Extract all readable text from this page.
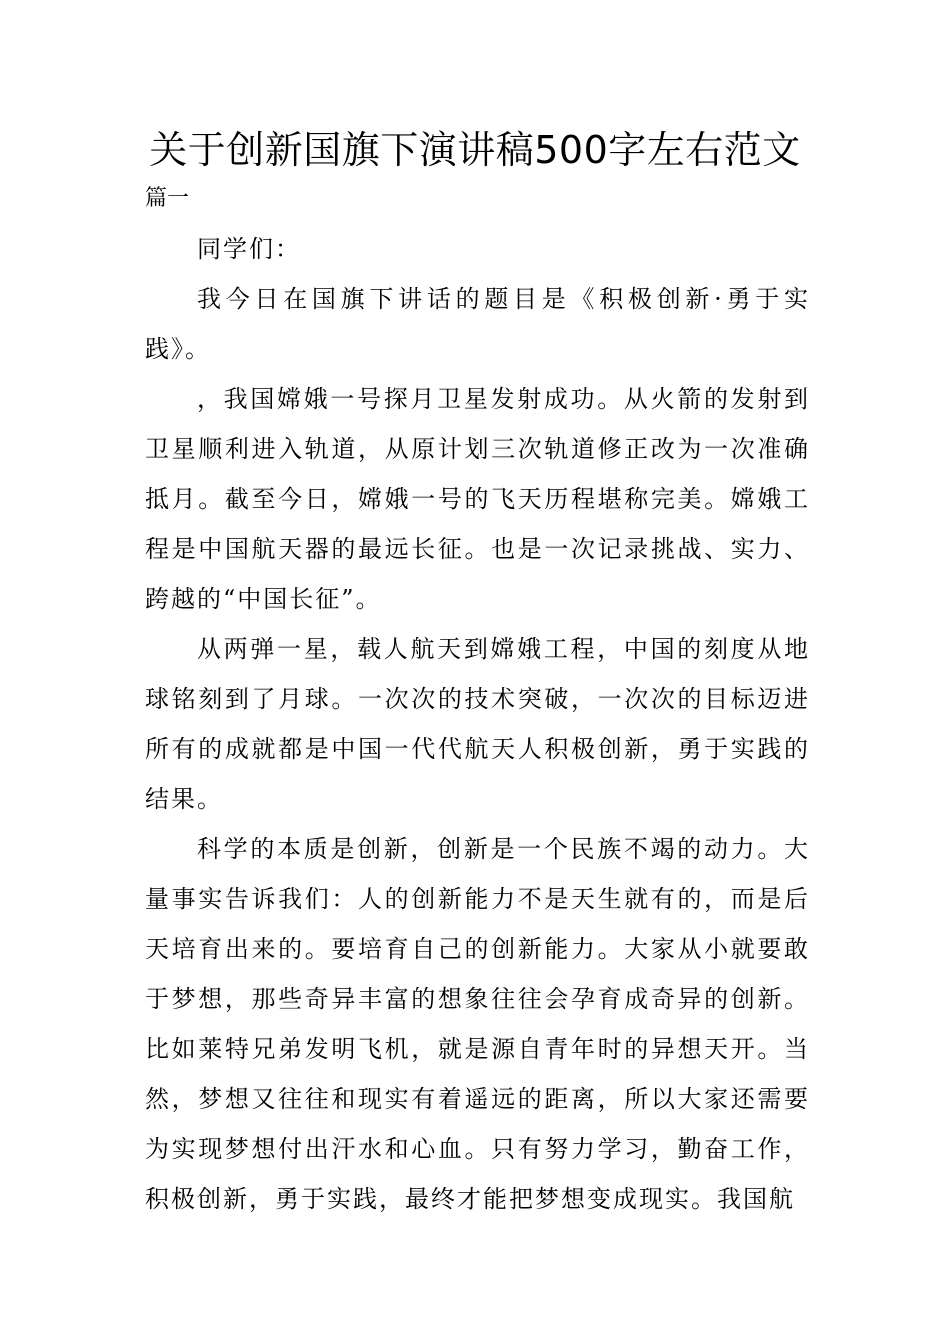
关于创新国旗下演讲稿500字左右范文

篇一

同学们：

我今日在国旗下讲话的题目是《积极创新·勇于实践》。

，我国嫦娥一号探月卫星发射成功。从火箭的发射到卫星顺利进入轨道，从原计划三次轨道修正改为一次准确抵月。截至今日，嫦娥一号的飞天历程堪称完美。嫦娥工程是中国航天器的最远长征。也是一次记录挑战、实力、跨越的“中国长征”。

从两弹一星，载人航天到嫦娥工程，中国的刻度从地球铭刻到了月球。一次次的技术突破，一次次的目标迈进所有的成就都是中国一代代航天人积极创新，勇于实践的结果。

科学的本质是创新，创新是一个民族不竭的动力。大量事实告诉我们：人的创新能力不是天生就有的，而是后天培育出来的。要培育自己的创新能力。大家从小就要敢于梦想，那些奇异丰富的想象往往会孕育成奇异的创新。比如莱特兄弟发明飞机，就是源自青年时的异想天开。当然，梦想又往往和现实有着遥远的距离，所以大家还需要为实现梦想付出汗水和心血。只有努力学习，勤奋工作，积极创新，勇于实践，最终才能把梦想变成现实。我国航
